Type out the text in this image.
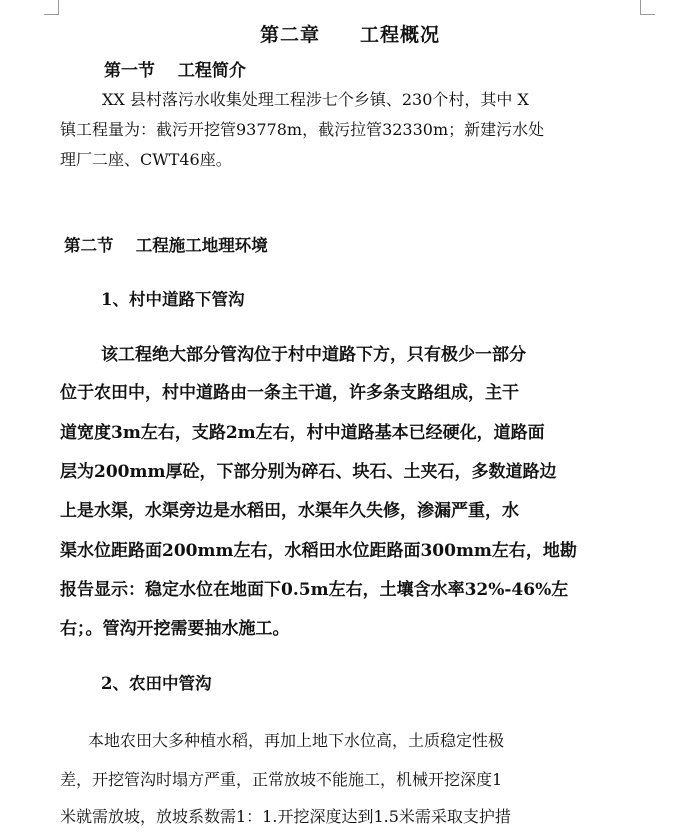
第二章　　工程概况
第一节　 工程简介
XX 县村落污水收集处理工程涉七个乡镇、230个村，其中 X
镇工程量为：截污开挖管93778m，截污拉管32330m；新建污水处
理厂二座、CWT46座。
第二节　 工程施工地理环境
1、村中道路下管沟
该工程绝大部分管沟位于村中道路下方，只有极少一部分
位于农田中，村中道路由一条主干道，许多条支路组成，主干
道宽度3m左右，支路2m左右，村中道路基本已经硬化，道路面
层为200mm厚砼，下部分别为碎石、块石、土夹石，多数道路边
上是水渠，水渠旁边是水稻田，水渠年久失修，渗漏严重，水
渠水位距路面200mm左右，水稻田水位距路面300mm左右，地勘
报告显示：稳定水位在地面下0.5m左右，土壤含水率32%-46%左
右；。管沟开挖需要抽水施工。
2、农田中管沟
本地农田大多种植水稻，再加上地下水位高，土质稳定性极
差，开挖管沟时塌方严重，正常放坡不能施工，机械开挖深度1
米就需放坡，放坡系数需1：1.开挖深度达到1.5米需采取支护措
